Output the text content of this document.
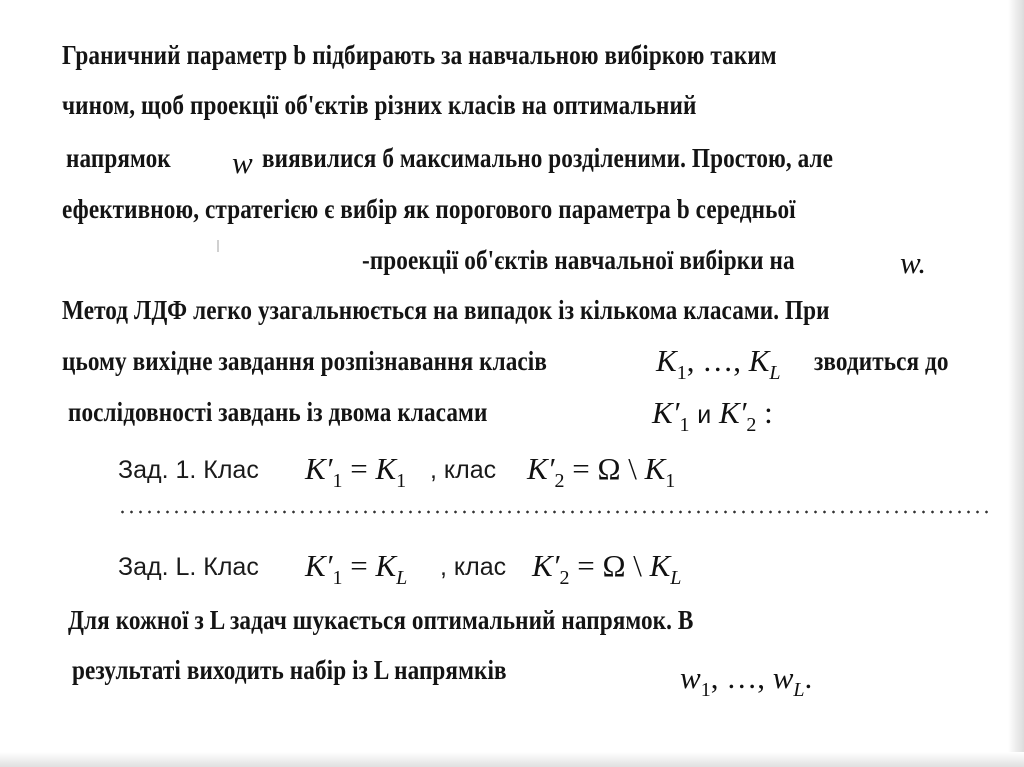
Граничний параметр b підбирають за навчальною вибіркою таким
чином, щоб проекції об'єктів різних класів на оптимальний
напрямок w виявилися б максимально розділеними. Простою, але
ефективною, стратегією є вибір як порогового параметра b середньої
-проекції об'єктів навчальної вибірки на	w.
Метод ЛДФ легко узагальнюється на випадок із кількома класами. При
цьому вихідне завдання розпізнавання класів	$K_1$, …, $K_L$ зводиться до
послідовності завдань із двома класами	$K'_1$ и $K'_2$ :
Зад. 1. Клас $K'_1 = K_1$ , клас $K'_2 = \Omega$ \ $K_1$
Зад. L. Клас $K'_1 = K_L$ , клас $K'_2 = \Omega$ \ $K_L$
Для кожної з L задач шукається оптимальний напрямок. В
результаті виходить набір із L напрямків	$w_1$, …, $w_L$.
